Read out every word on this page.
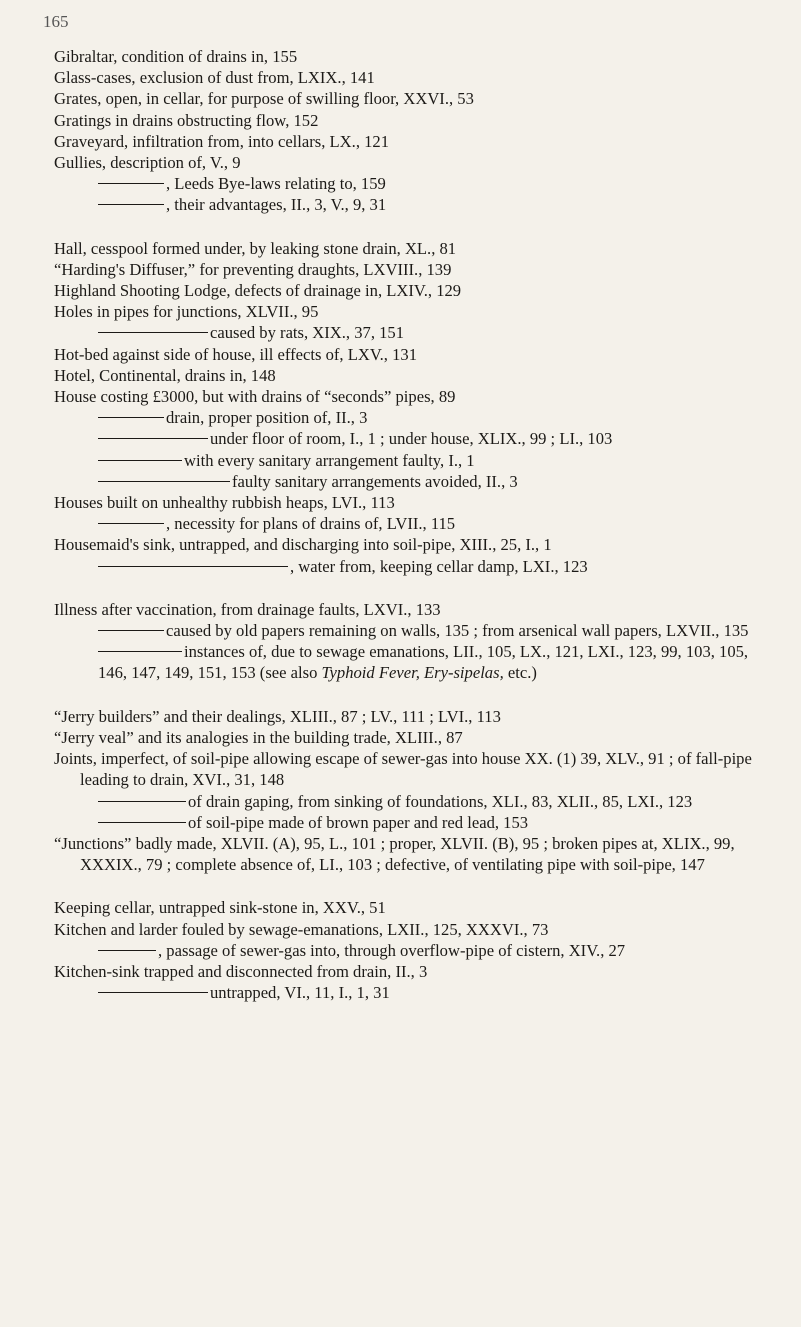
165
Gibraltar, condition of drains in, 155
Glass-cases, exclusion of dust from, LXIX., 141
Grates, open, in cellar, for purpose of swilling floor, XXVI., 53
Gratings in drains obstructing flow, 152
Graveyard, infiltration from, into cellars, LX., 121
Gullies, description of, V., 9
, Leeds Bye-laws relating to, 159
, their advantages, II., 3, V., 9, 31
Hall, cesspool formed under, by leaking stone drain, XL., 81
“Harding's Diffuser,” for preventing draughts, LXVIII., 139
Highland Shooting Lodge, defects of drainage in, LXIV., 129
Holes in pipes for junctions, XLVII., 95
caused by rats, XIX., 37, 151
Hot-bed against side of house, ill effects of, LXV., 131
Hotel, Continental, drains in, 148
House costing £3000, but with drains of “seconds” pipes, 89
drain, proper position of, II., 3
under floor of room, I., 1 ; under house, XLIX., 99 ; LI., 103
with every sanitary arrangement faulty, I., 1
faulty sanitary arrangements avoided, II., 3
Houses built on unhealthy rubbish heaps, LVI., 113
, necessity for plans of drains of, LVII., 115
Housemaid's sink, untrapped, and discharging into soil-pipe, XIII., 25, I., 1
, water from, keeping cellar damp, LXI., 123
Illness after vaccination, from drainage faults, LXVI., 133
caused by old papers remaining on walls, 135 ; from arsenical wall papers, LXVII., 135
instances of, due to sewage emanations, LII., 105, LX., 121, LXI., 123, 99, 103, 105, 146, 147, 149, 151, 153 (see also Typhoid Fever, Ery-sipelas, etc.)
“Jerry builders” and their dealings, XLIII., 87 ; LV., 111 ; LVI., 113
“Jerry veal” and its analogies in the building trade, XLIII., 87
Joints, imperfect, of soil-pipe allowing escape of sewer-gas into house XX. (1) 39, XLV., 91 ; of fall-pipe leading to drain, XVI., 31, 148
of drain gaping, from sinking of foundations, XLI., 83, XLII., 85, LXI., 123
of soil-pipe made of brown paper and red lead, 153
“Junctions” badly made, XLVII. (A), 95, L., 101 ; proper, XLVII. (B), 95 ; broken pipes at, XLIX., 99, XXXIX., 79 ; complete absence of, LI., 103 ; defective, of ventilating pipe with soil-pipe, 147
Keeping cellar, untrapped sink-stone in, XXV., 51
Kitchen and larder fouled by sewage-emanations, LXII., 125, XXXVI., 73
, passage of sewer-gas into, through overflow-pipe of cistern, XIV., 27
Kitchen-sink trapped and disconnected from drain, II., 3
untrapped, VI., 11, I., 1, 31
